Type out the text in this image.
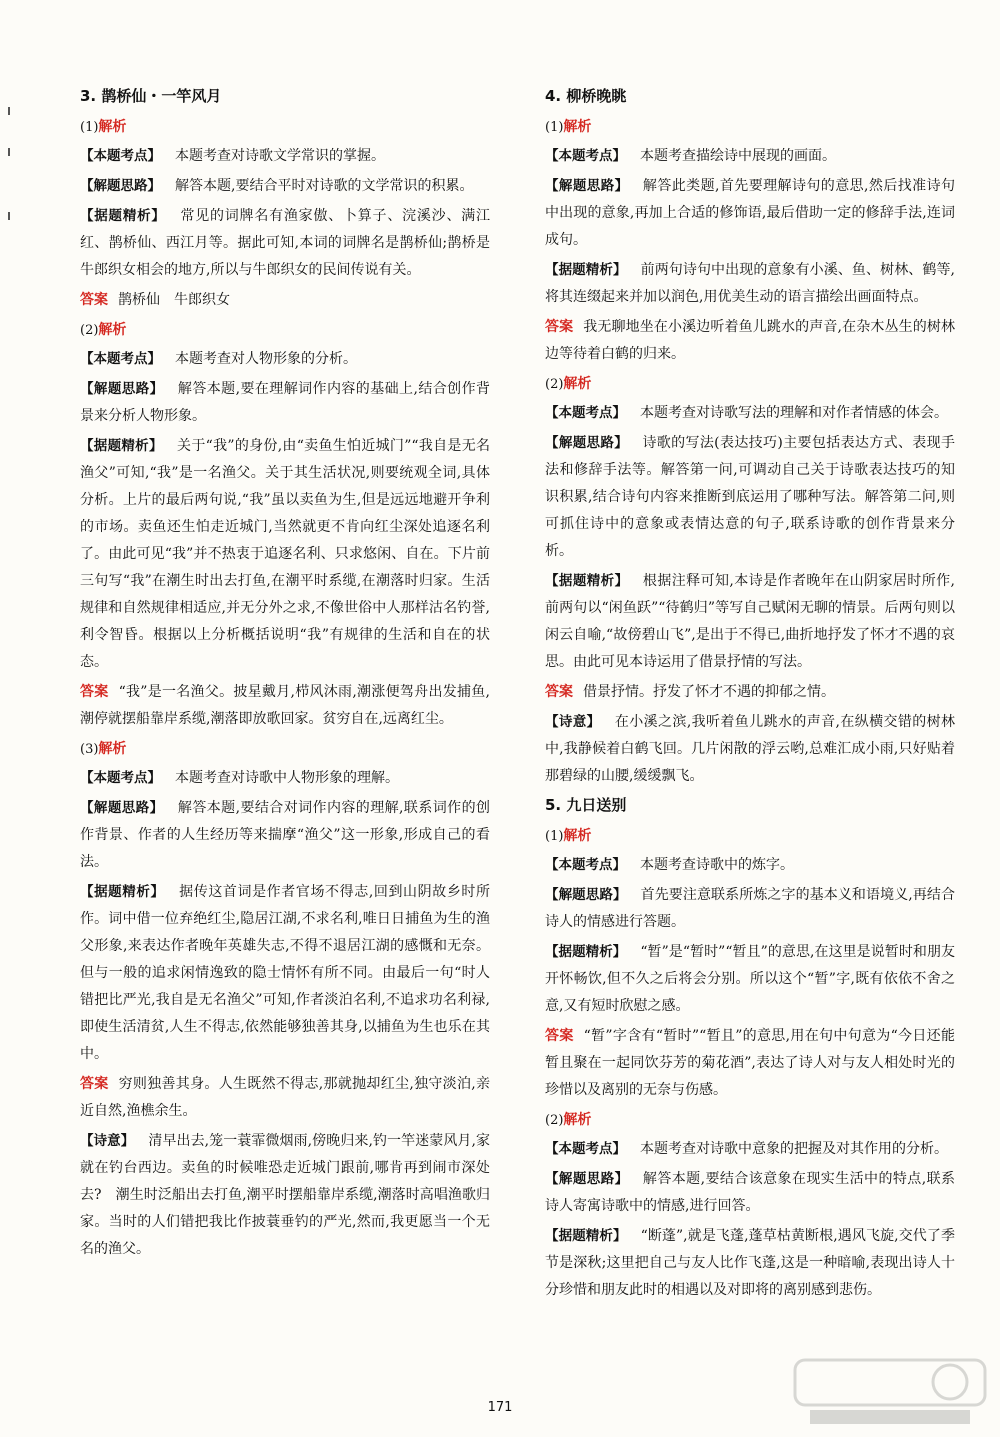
3. 鹊桥仙・一竿风月
(1)解析
【本题考点】 本题考查对诗歌文学常识的掌握。
【解题思路】 解答本题,要结合平时对诗歌的文学常识的积累。
【据题精析】 常见的词牌名有渔家傲、卜算子、浣溪沙、满江红、鹊桥仙、西江月等。据此可知,本词的词牌名是鹊桥仙;鹊桥是牛郎织女相会的地方,所以与牛郎织女的民间传说有关。
答案 鹊桥仙　牛郎织女
(2)解析
【本题考点】 本题考查对人物形象的分析。
【解题思路】 解答本题,要在理解词作内容的基础上,结合创作背景来分析人物形象。
【据题精析】 关于“我”的身份,由“卖鱼生怕近城门”“我自是无名渔父”可知,“我”是一名渔父。关于其生活状况,则要统观全词,具体分析。上片的最后两句说,“我”虽以卖鱼为生,但是远远地避开争利的市场。卖鱼还生怕走近城门,当然就更不肯向红尘深处追逐名利了。由此可见“我”并不热衷于追逐名利、只求悠闲、自在。下片前三句写“我”在潮生时出去打鱼,在潮平时系缆,在潮落时归家。生活规律和自然规律相适应,并无分外之求,不像世俗中人那样沽名钓誉,利令智昏。根据以上分析概括说明“我”有规律的生活和自在的状态。
答案 “我”是一名渔父。披星戴月,栉风沐雨,潮涨便驾舟出发捕鱼,潮停就摆船靠岸系缆,潮落即放歌回家。贫穷自在,远离红尘。
(3)解析
【本题考点】 本题考查对诗歌中人物形象的理解。
【解题思路】 解答本题,要结合对词作内容的理解,联系词作的创作背景、作者的人生经历等来揣摩“渔父”这一形象,形成自己的看法。
【据题精析】 据传这首词是作者官场不得志,回到山阴故乡时所作。词中借一位弃绝红尘,隐居江湖,不求名利,唯日日捕鱼为生的渔父形象,来表达作者晚年英雄失志,不得不退居江湖的感慨和无奈。但与一般的追求闲情逸致的隐士情怀有所不同。由最后一句“时人错把比严光,我自是无名渔父”可知,作者淡泊名利,不追求功名利禄,即使生活清贫,人生不得志,依然能够独善其身,以捕鱼为生也乐在其中。
答案 穷则独善其身。人生既然不得志,那就抛却红尘,独守淡泊,亲近自然,渔樵余生。
【诗意】 清早出去,笼一蓑霏微烟雨,傍晚归来,钓一竿迷蒙风月,家就在钓台西边。卖鱼的时候唯恐走近城门跟前,哪肯再到闹市深处去?　潮生时泛船出去打鱼,潮平时摆船靠岸系缆,潮落时高唱渔歌归家。当时的人们错把我比作披蓑垂钓的严光,然而,我更愿当一个无名的渔父。
4. 柳桥晚眺
(1)解析
【本题考点】 本题考查描绘诗中展现的画面。
【解题思路】 解答此类题,首先要理解诗句的意思,然后找准诗句中出现的意象,再加上合适的修饰语,最后借助一定的修辞手法,连词成句。
【据题精析】 前两句诗句中出现的意象有小溪、鱼、树林、鹤等,将其连缀起来并加以润色,用优美生动的语言描绘出画面特点。
答案 我无聊地坐在小溪边听着鱼儿跳水的声音,在杂木丛生的树林边等待着白鹤的归来。
(2)解析
【本题考点】 本题考查对诗歌写法的理解和对作者情感的体会。
【解题思路】 诗歌的写法(表达技巧)主要包括表达方式、表现手法和修辞手法等。解答第一问,可调动自己关于诗歌表达技巧的知识积累,结合诗句内容来推断到底运用了哪种写法。解答第二问,则可抓住诗中的意象或表情达意的句子,联系诗歌的创作背景来分析。
【据题精析】 根据注释可知,本诗是作者晚年在山阴家居时所作,前两句以“闲鱼跃”“待鹤归”等写自己赋闲无聊的情景。后两句则以闲云自喻,“故傍碧山飞”,是出于不得已,曲折地抒发了怀才不遇的哀思。由此可见本诗运用了借景抒情的写法。
答案 借景抒情。抒发了怀才不遇的抑郁之情。
【诗意】 在小溪之滨,我听着鱼儿跳水的声音,在纵横交错的树林中,我静候着白鹤飞回。几片闲散的浮云哟,总难汇成小雨,只好贴着那碧绿的山腰,缓缓飘飞。
5. 九日送别
(1)解析
【本题考点】 本题考查诗歌中的炼字。
【解题思路】 首先要注意联系所炼之字的基本义和语境义,再结合诗人的情感进行答题。
【据题精析】 “暂”是“暂时”“暂且”的意思,在这里是说暂时和朋友开怀畅饮,但不久之后将会分别。所以这个“暂”字,既有依依不舍之意,又有短时欣慰之感。
答案 “暂”字含有“暂时”“暂且”的意思,用在句中句意为“今日还能暂且聚在一起同饮芬芳的菊花酒”,表达了诗人对与友人相处时光的珍惜以及离别的无奈与伤感。
(2)解析
【本题考点】 本题考查对诗歌中意象的把握及对其作用的分析。
【解题思路】 解答本题,要结合该意象在现实生活中的特点,联系诗人寄寓诗歌中的情感,进行回答。
【据题精析】 “断蓬”,就是飞蓬,蓬草枯黄断根,遇风飞旋,交代了季节是深秋;这里把自己与友人比作飞蓬,这是一种暗喻,表现出诗人十分珍惜和朋友此时的相遇以及对即将的离别感到悲伤。
171
